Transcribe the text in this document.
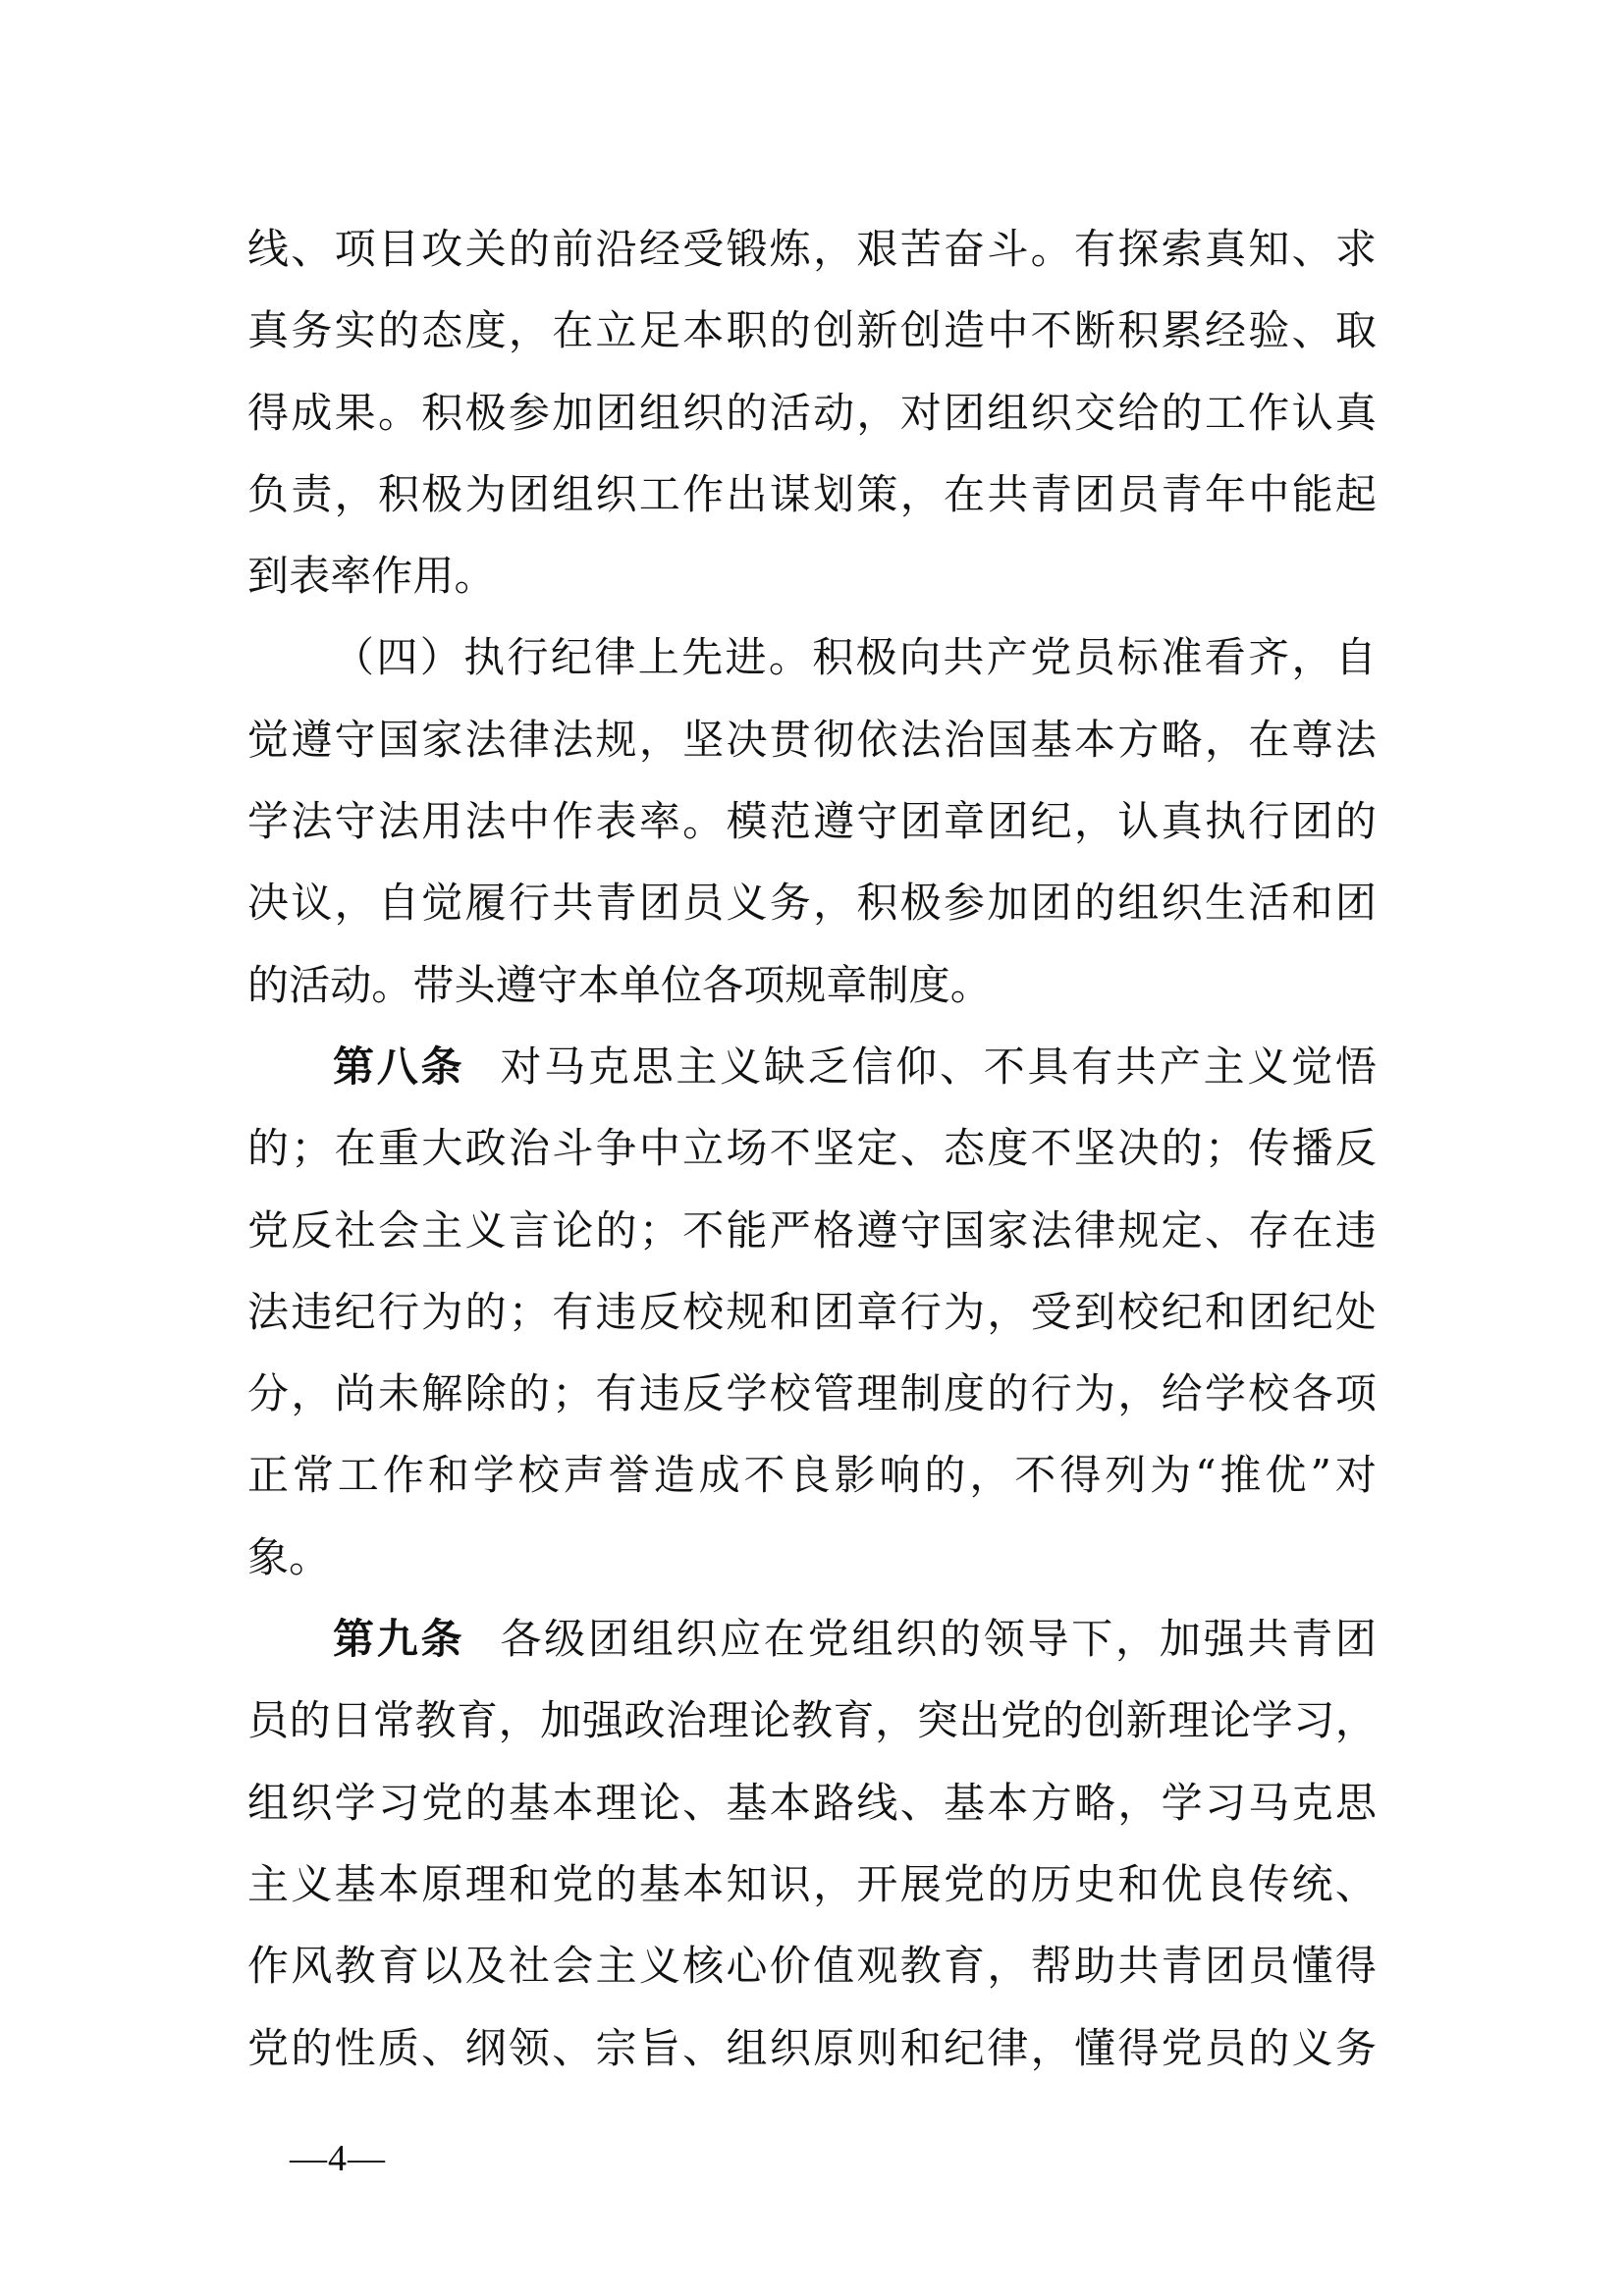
线、项目攻关的前沿经受锻炼，艰苦奋斗。有探索真知、求
真务实的态度，在立足本职的创新创造中不断积累经验、取
得成果。积极参加团组织的活动，对团组织交给的工作认真
负责，积极为团组织工作出谋划策，在共青团员青年中能起
到表率作用。
（四）执行纪律上先进。积极向共产党员标准看齐，自
觉遵守国家法律法规，坚决贯彻依法治国基本方略，在尊法
学法守法用法中作表率。模范遵守团章团纪，认真执行团的
决议，自觉履行共青团员义务，积极参加团的组织生活和团
的活动。带头遵守本单位各项规章制度。
第八条 对马克思主义缺乏信仰、不具有共产主义觉悟
的；在重大政治斗争中立场不坚定、态度不坚决的；传播反
党反社会主义言论的；不能严格遵守国家法律规定、存在违
法违纪行为的；有违反校规和团章行为，受到校纪和团纪处
分，尚未解除的；有违反学校管理制度的行为，给学校各项
正常工作和学校声誉造成不良影响的，不得列为“推优”对
象。
第九条 各级团组织应在党组织的领导下，加强共青团
员的日常教育，加强政治理论教育，突出党的创新理论学习，
组织学习党的基本理论、基本路线、基本方略，学习马克思
主义基本原理和党的基本知识，开展党的历史和优良传统、
作风教育以及社会主义核心价值观教育，帮助共青团员懂得
党的性质、纲领、宗旨、组织原则和纪律，懂得党员的义务
—4—
